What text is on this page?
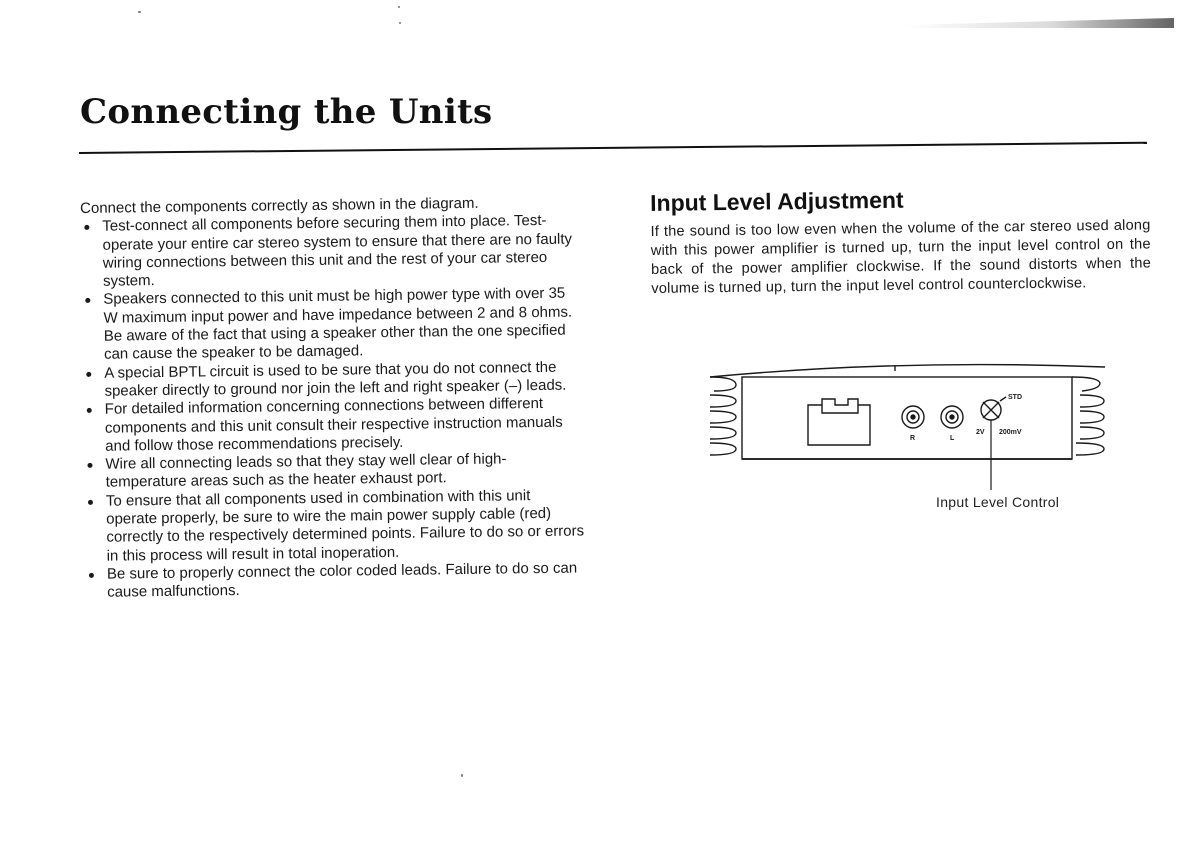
Connecting the Units

Connect the components correctly as shown in the diagram.

Test-connect all components before securing them into place. Test-operate your entire car stereo system to ensure that there are no faulty wiring connections between this unit and the rest of your car stereo system.
Speakers connected to this unit must be high power type with over 35 W maximum input power and have impedance between 2 and 8 ohms. Be aware of the fact that using a speaker other than the one specified can cause the speaker to be damaged.
A special BPTL circuit is used to be sure that you do not connect the speaker directly to ground nor join the left and right speaker (–) leads.
For detailed information concerning connections between different components and this unit consult their respective instruction manuals and follow those recommendations precisely.
Wire all connecting leads so that they stay well clear of high-temperature areas such as the heater exhaust port.
To ensure that all components used in combination with this unit operate properly, be sure to wire the main power supply cable (red) correctly to the respectively determined points. Failure to do so or errors in this process will result in total inoperation.
Be sure to properly connect the color coded leads. Failure to do so can cause malfunctions.
Input Level Adjustment

If the sound is too low even when the volume of the car stereo used along with this power amplifier is turned up, turn the input level control on the back of the power amplifier clockwise. If the sound distorts when the volume is turned up, turn the input level control counterclockwise.

R	L
STD
2V 200mV
Input Level Control
